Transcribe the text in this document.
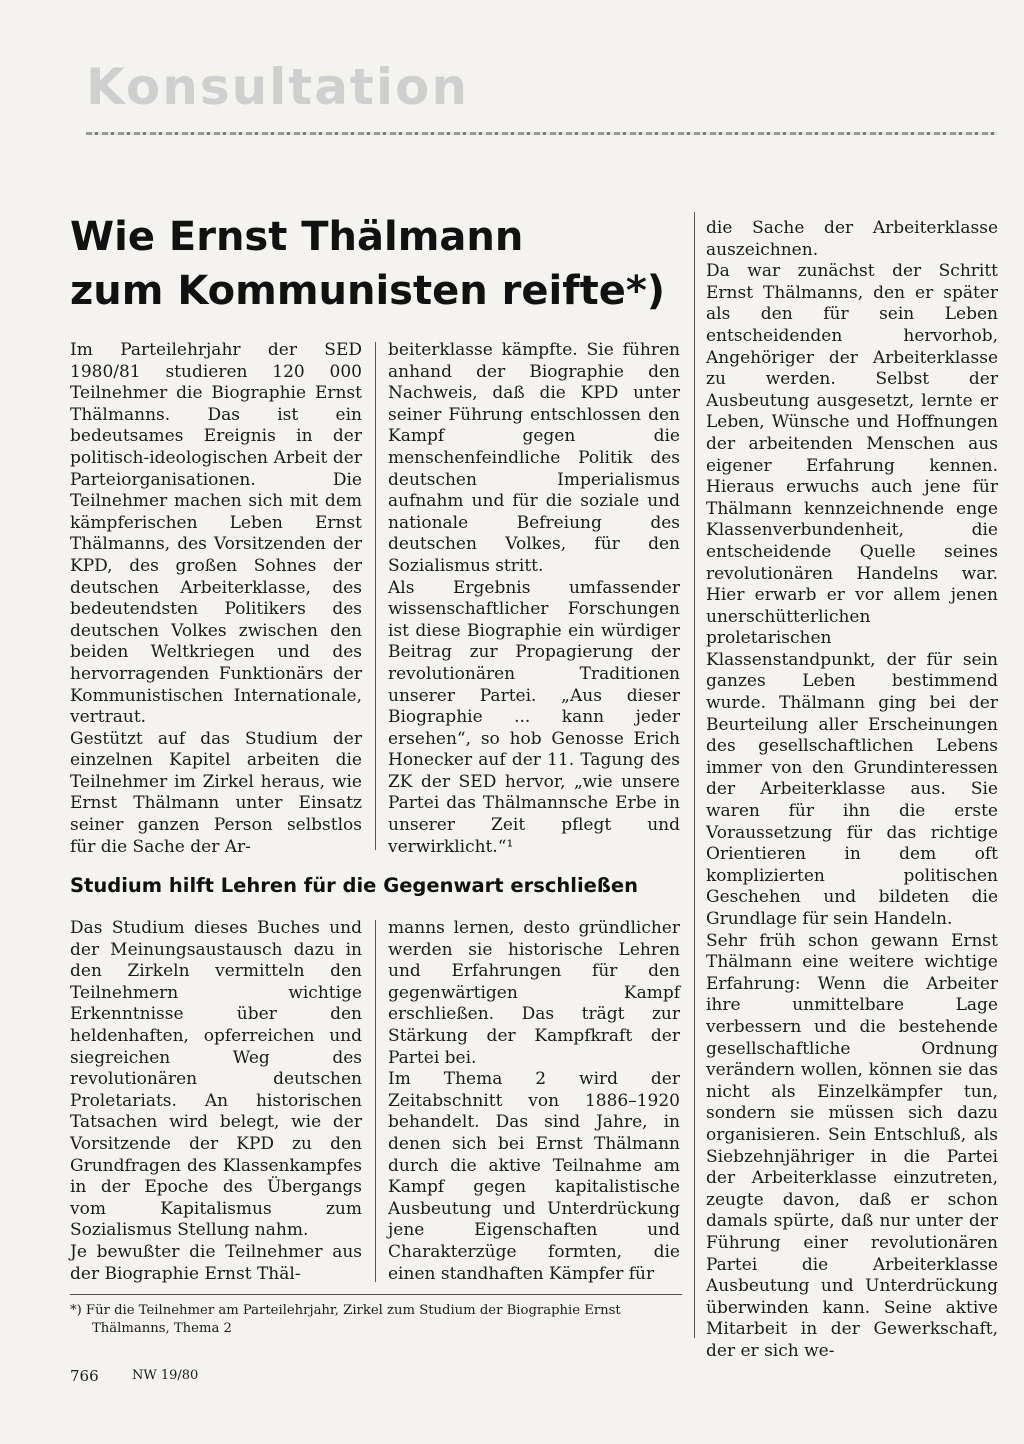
Konsultation
Wie Ernst Thälmann
zum Kommunisten reifte*)

Im Parteilehrjahr der SED 1980/81 studieren 120 000 Teilnehmer die Biographie Ernst Thälmanns. Das ist ein bedeutsames Ereignis in der politisch-ideologischen Arbeit der Parteiorganisationen. Die Teilnehmer machen sich mit dem kämpferischen Leben Ernst Thälmanns, des Vorsitzenden der KPD, des großen Sohnes der deutschen Arbeiterklasse, des bedeutendsten Politikers des deutschen Volkes zwischen den beiden Weltkriegen und des hervorragenden Funktionärs der Kommunistischen Internationale, vertraut.

Gestützt auf das Studium der einzelnen Kapitel arbeiten die Teilnehmer im Zirkel heraus, wie Ernst Thälmann unter Einsatz seiner ganzen Person selbstlos für die Sache der Ar-

beiterklasse kämpfte. Sie führen anhand der Biographie den Nachweis, daß die KPD unter seiner Führung entschlossen den Kampf gegen die menschenfeindliche Politik des deutschen Imperialismus aufnahm und für die soziale und nationale Befreiung des deutschen Volkes, für den Sozialismus stritt.

Als Ergebnis umfassender wissenschaftlicher Forschungen ist diese Biographie ein würdiger Beitrag zur Propagierung der revolutionären Traditionen unserer Partei. „Aus dieser Biographie ... kann jeder ersehen“, so hob Genosse Erich Honecker auf der 11. Tagung des ZK der SED hervor, „wie unsere Partei das Thälmannsche Erbe in unserer Zeit pflegt und verwirklicht.“¹

Studium hilft Lehren für die Gegenwart erschließen

Das Studium dieses Buches und der Meinungsaustausch dazu in den Zirkeln vermitteln den Teilnehmern wichtige Erkenntnisse über den heldenhaften, opferreichen und siegreichen Weg des revolutionären deutschen Proletariats. An historischen Tatsachen wird belegt, wie der Vorsitzende der KPD zu den Grundfragen des Klassenkampfes in der Epoche des Übergangs vom Kapitalismus zum Sozialismus Stellung nahm.

Je bewußter die Teilnehmer aus der Biographie Ernst Thäl-

manns lernen, desto gründlicher werden sie historische Lehren und Erfahrungen für den gegenwärtigen Kampf erschließen. Das trägt zur Stärkung der Kampfkraft der Partei bei.

Im Thema 2 wird der Zeitabschnitt von 1886–1920 behandelt. Das sind Jahre, in denen sich bei Ernst Thälmann durch die aktive Teilnahme am Kampf gegen kapitalistische Ausbeutung und Unterdrückung jene Eigenschaften und Charakterzüge formten, die einen standhaften Kämpfer für

die Sache der Arbeiterklasse auszeichnen.

Da war zunächst der Schritt Ernst Thälmanns, den er später als den für sein Leben entscheidenden hervorhob, Angehöriger der Arbeiterklasse zu werden. Selbst der Ausbeutung ausgesetzt, lernte er Leben, Wünsche und Hoffnungen der arbeitenden Menschen aus eigener Erfahrung kennen. Hieraus erwuchs auch jene für Thälmann kennzeichnende enge Klassenverbundenheit, die entscheidende Quelle seines revolutionären Handelns war. Hier erwarb er vor allem jenen unerschütterlichen proletarischen Klassenstandpunkt, der für sein ganzes Leben bestimmend wurde. Thälmann ging bei der Beurteilung aller Erscheinungen des gesellschaftlichen Lebens immer von den Grundinteressen der Arbeiterklasse aus. Sie waren für ihn die erste Voraussetzung für das richtige Orientieren in dem oft komplizierten politischen Geschehen und bildeten die Grundlage für sein Handeln.

Sehr früh schon gewann Ernst Thälmann eine weitere wichtige Erfahrung: Wenn die Arbeiter ihre unmittelbare Lage verbessern und die bestehende gesellschaftliche Ordnung verändern wollen, können sie das nicht als Einzelkämpfer tun, sondern sie müssen sich dazu organisieren. Sein Entschluß, als Siebzehnjähriger in die Partei der Arbeiterklasse einzutreten, zeugte davon, daß er schon damals spürte, daß nur unter der Führung einer revolutionären Partei die Arbeiterklasse Ausbeutung und Unterdrückung überwinden kann. Seine aktive Mitarbeit in der Gewerkschaft, der er sich we-

*) Für die Teilnehmer am Parteilehrjahr, Zirkel zum Studium der Biographie Ernst
Thälmanns, Thema 2
766	NW 19/80
